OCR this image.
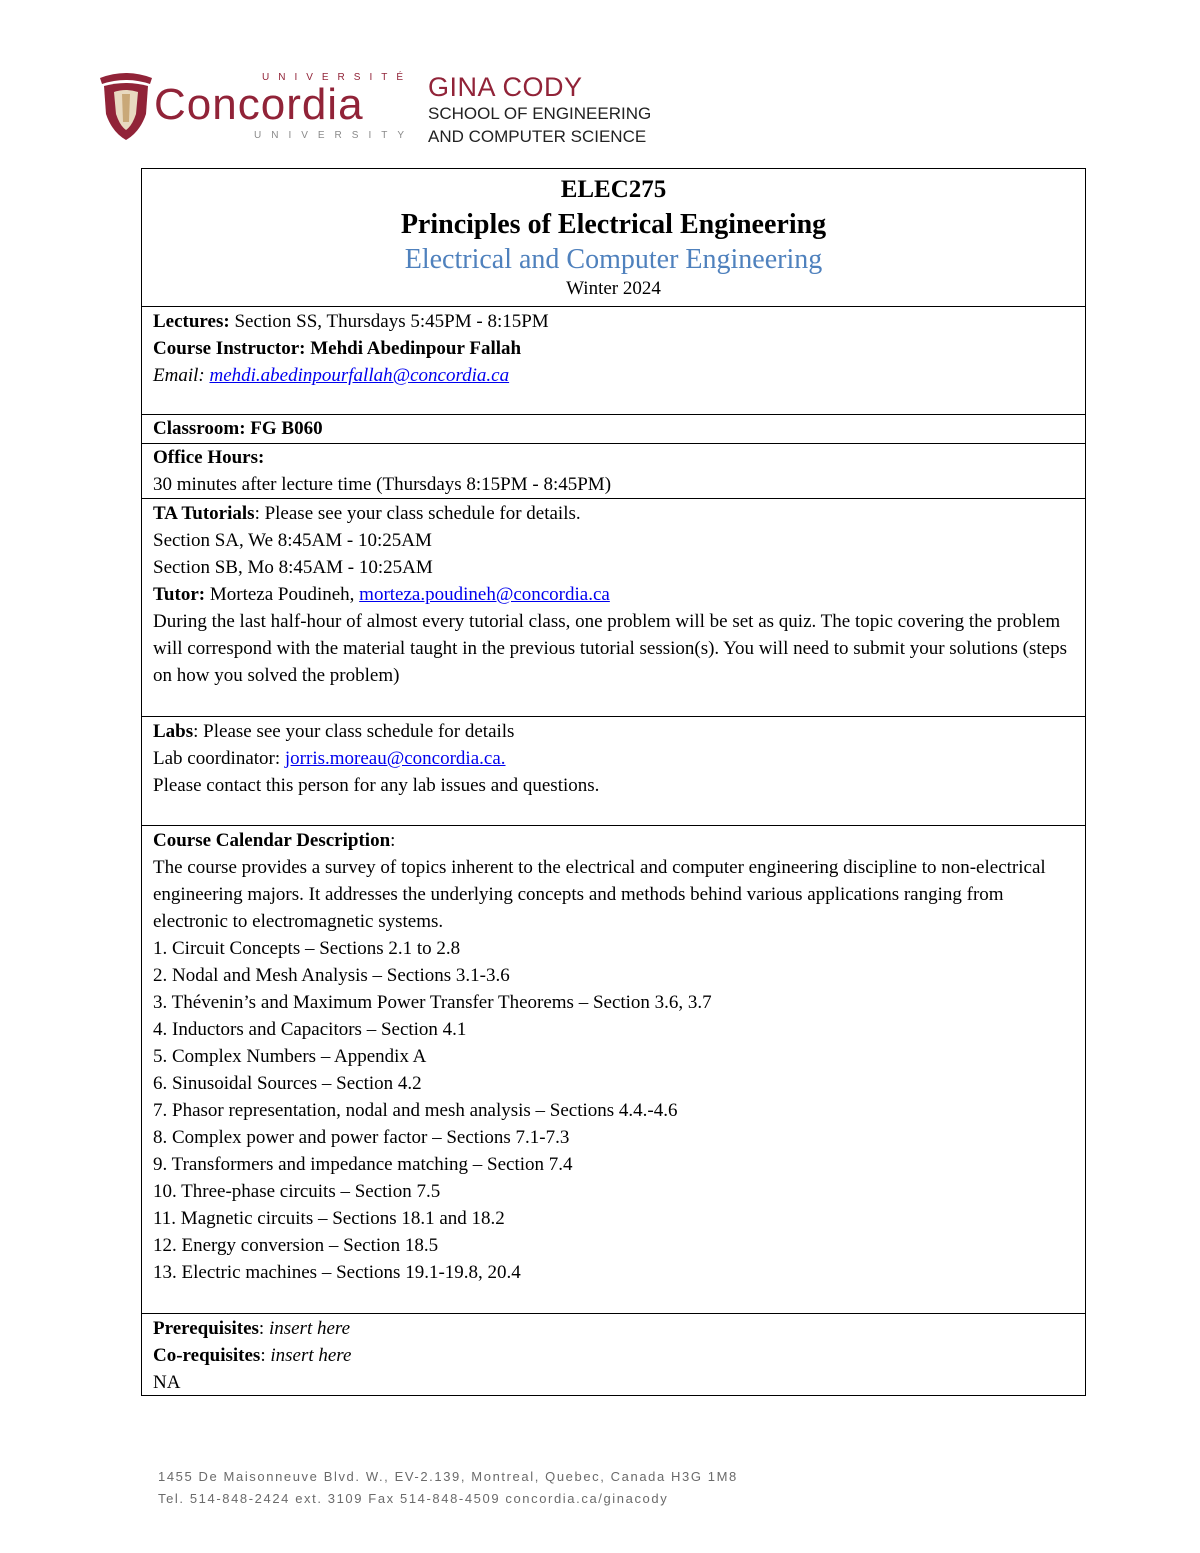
UNIVERSITÉ
Concordia
UNIVERSITY
GINA CODY
SCHOOL OF ENGINEERING
AND COMPUTER SCIENCE
ELEC275
Principles of Electrical Engineering
Electrical and Computer Engineering
Winter 2024
Lectures: Section SS, Thursdays 5:45PM - 8:15PM
Course Instructor: Mehdi Abedinpour Fallah
Email: mehdi.abedinpourfallah@concordia.ca
Classroom: FG B060
Office Hours:
30 minutes after lecture time (Thursdays 8:15PM - 8:45PM)
TA Tutorials: Please see your class schedule for details.
Section SA, We 8:45AM - 10:25AM
Section SB, Mo 8:45AM - 10:25AM
Tutor: Morteza Poudineh, morteza.poudineh@concordia.ca
During the last half-hour of almost every tutorial class, one problem will be set as quiz. The topic covering the problem will correspond with the material taught in the previous tutorial session(s). You will need to submit your solutions (steps on how you solved the problem)
Labs: Please see your class schedule for details
Lab coordinator: jorris.moreau@concordia.ca.
Please contact this person for any lab issues and questions.
Course Calendar Description:
The course provides a survey of topics inherent to the electrical and computer engineering discipline to non-electrical engineering majors. It addresses the underlying concepts and methods behind various applications ranging from electronic to electromagnetic systems.
1. Circuit Concepts – Sections 2.1 to 2.8
2. Nodal and Mesh Analysis – Sections 3.1-3.6
3. Thévenin’s and Maximum Power Transfer Theorems – Section 3.6, 3.7
4. Inductors and Capacitors – Section 4.1
5. Complex Numbers – Appendix A
6. Sinusoidal Sources – Section 4.2
7. Phasor representation, nodal and mesh analysis – Sections 4.4.-4.6
8. Complex power and power factor – Sections 7.1-7.3
9. Transformers and impedance matching – Section 7.4
10. Three-phase circuits – Section 7.5
11. Magnetic circuits – Sections 18.1 and 18.2
12. Energy conversion – Section 18.5
13. Electric machines – Sections 19.1-19.8, 20.4
Prerequisites: insert here
Co-requisites: insert here
NA
1455 De Maisonneuve Blvd. W., EV-2.139, Montreal, Quebec, Canada H3G 1M8
Tel. 514-848-2424 ext. 3109 Fax 514-848-4509 concordia.ca/ginacody
